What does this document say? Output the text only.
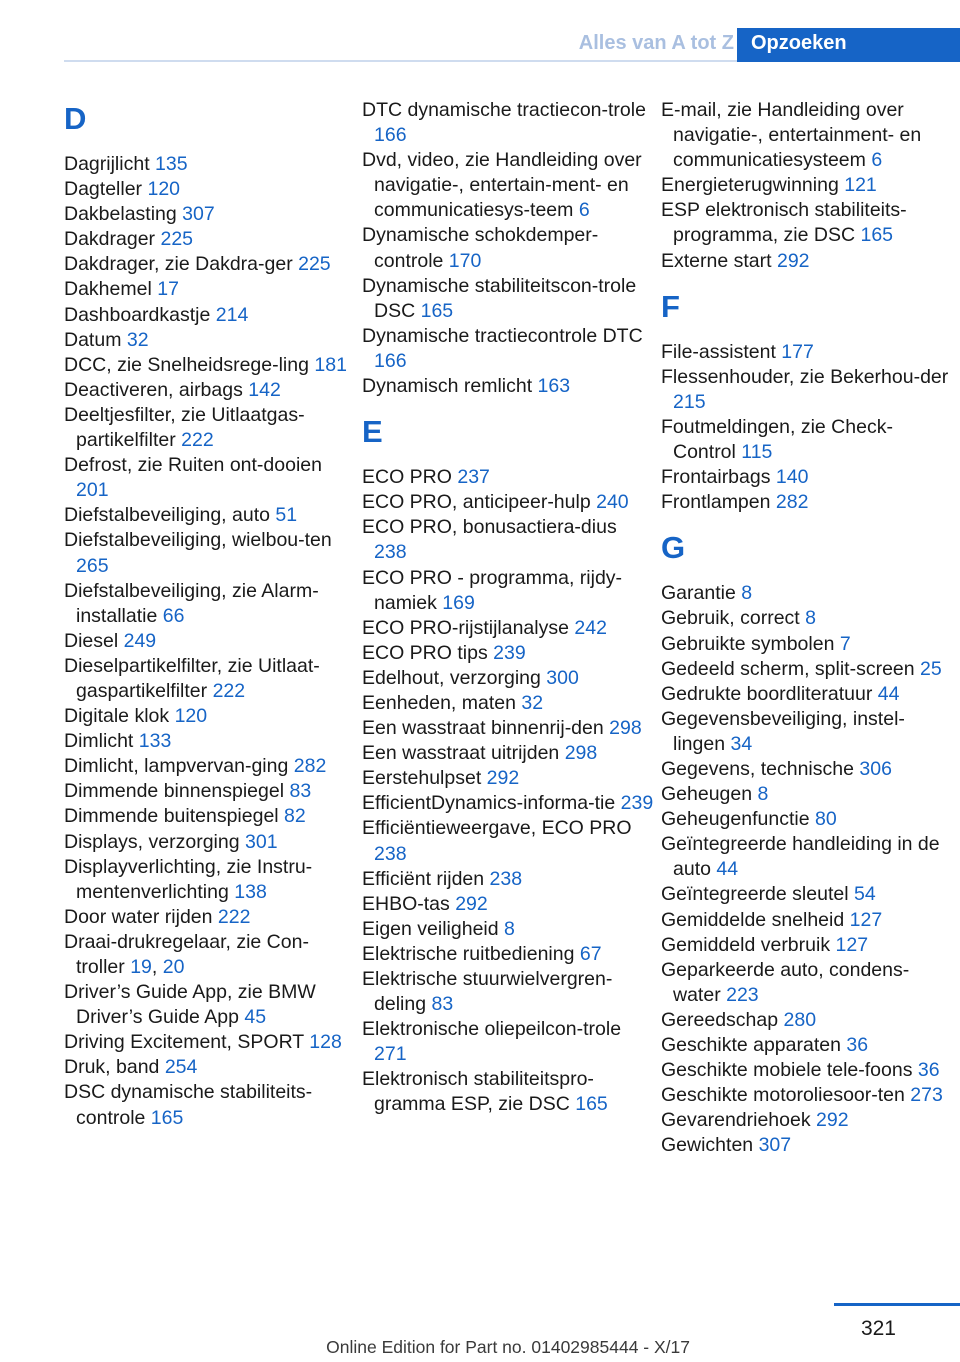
Alles van A tot Z Opzoeken
D

Dagrijlicht 135

Dagteller 120

Dakbelasting 307

Dakdrager 225

Dakdrager, zie Dakdra-ger 225

Dakhemel 17

Dashboardkastje 214

Datum 32

DCC, zie Snelheidsrege-ling 181

Deactiveren, airbags 142

Deeltjesfilter, zie Uitlaatgas-partikelfilter 222

Defrost, zie Ruiten ont-dooien 201

Diefstalbeveiliging, auto 51

Diefstalbeveiliging, wielbou-ten 265

Diefstalbeveiliging, zie Alarm-installatie 66

Diesel 249

Dieselpartikelfilter, zie Uitlaat-gaspartikelfilter 222

Digitale klok 120

Dimlicht 133

Dimlicht, lampvervan-ging 282

Dimmende binnenspiegel 83

Dimmende buitenspiegel 82

Displays, verzorging 301

Displayverlichting, zie Instru-mentenverlichting 138

Door water rijden 222

Draai-drukregelaar, zie Con-troller 19, 20

Driver’s Guide App, zie BMW Driver’s Guide App 45

Driving Excitement, SPORT 128

Druk, band 254

DSC dynamische stabiliteits-controle 165

DTC dynamische tractiecon-trole 166

Dvd, video, zie Handleiding over navigatie-, entertain-ment- en communicatiesys-teem 6

Dynamische schokdemper-controle 170

Dynamische stabiliteitscon-trole DSC 165

Dynamische tractiecontrole DTC 166

Dynamisch remlicht 163

E

ECO PRO 237

ECO PRO, anticipeer-hulp 240

ECO PRO, bonusactiera-dius 238

ECO PRO - programma, rijdy-namiek 169

ECO PRO-rijstijlanalyse 242

ECO PRO tips 239

Edelhout, verzorging 300

Eenheden, maten 32

Een wasstraat binnenrij-den 298

Een wasstraat uitrijden 298

Eerstehulpset 292

EfficientDynamics-informa-tie 239

Efficiëntieweergave, ECO PRO 238

Efficiënt rijden 238

EHBO-tas 292

Eigen veiligheid 8

Elektrische ruitbediening 67

Elektrische stuurwielvergren-deling 83

Elektronische oliepeilcon-trole 271

Elektronisch stabiliteitspro-gramma ESP, zie DSC 165

E-mail, zie Handleiding over navigatie-, entertainment- en communicatiesysteem 6

Energieterugwinning 121

ESP elektronisch stabiliteits-programma, zie DSC 165

Externe start 292

F

File-assistent 177

Flessenhouder, zie Bekerhou-der 215

Foutmeldingen, zie Check-Control 115

Frontairbags 140

Frontlampen 282

G

Garantie 8

Gebruik, correct 8

Gebruikte symbolen 7

Gedeeld scherm, split-screen 25

Gedrukte boordliteratuur 44

Gegevensbeveiliging, instel-lingen 34

Gegevens, technische 306

Geheugen 8

Geheugenfunctie 80

Geïntegreerde handleiding in de auto 44

Geïntegreerde sleutel 54

Gemiddelde snelheid 127

Gemiddeld verbruik 127

Geparkeerde auto, condens-water 223

Gereedschap 280

Geschikte apparaten 36

Geschikte mobiele tele-foons 36

Geschikte motoroliesoor-ten 273

Gevarendriehoek 292

Gewichten 307

321
Online Edition for Part no. 01402985444 - X/17
